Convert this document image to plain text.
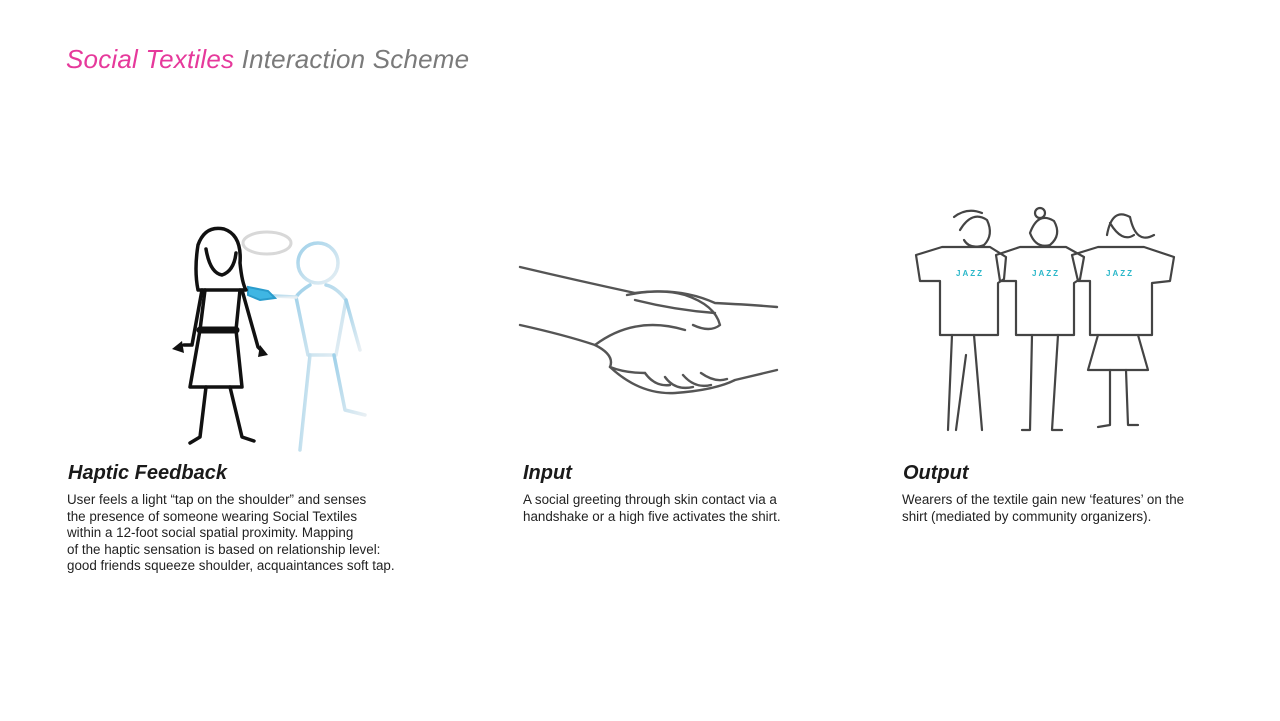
Social Textiles Interaction Scheme
JAZZ	JAZZ	JAZZ
Haptic Feedback

User feels a light “tap on the shoulder” and senses
the presence of someone wearing Social Textiles
within a 12-foot social spatial proximity. Mapping
of the haptic sensation is based on relationship level:
good friends squeeze shoulder, acquaintances soft tap.

Input

A social greeting through skin contact via a
handshake or a high five activates the shirt.

Output

Wearers of the textile gain new ‘features’ on the
shirt (mediated by community organizers).
